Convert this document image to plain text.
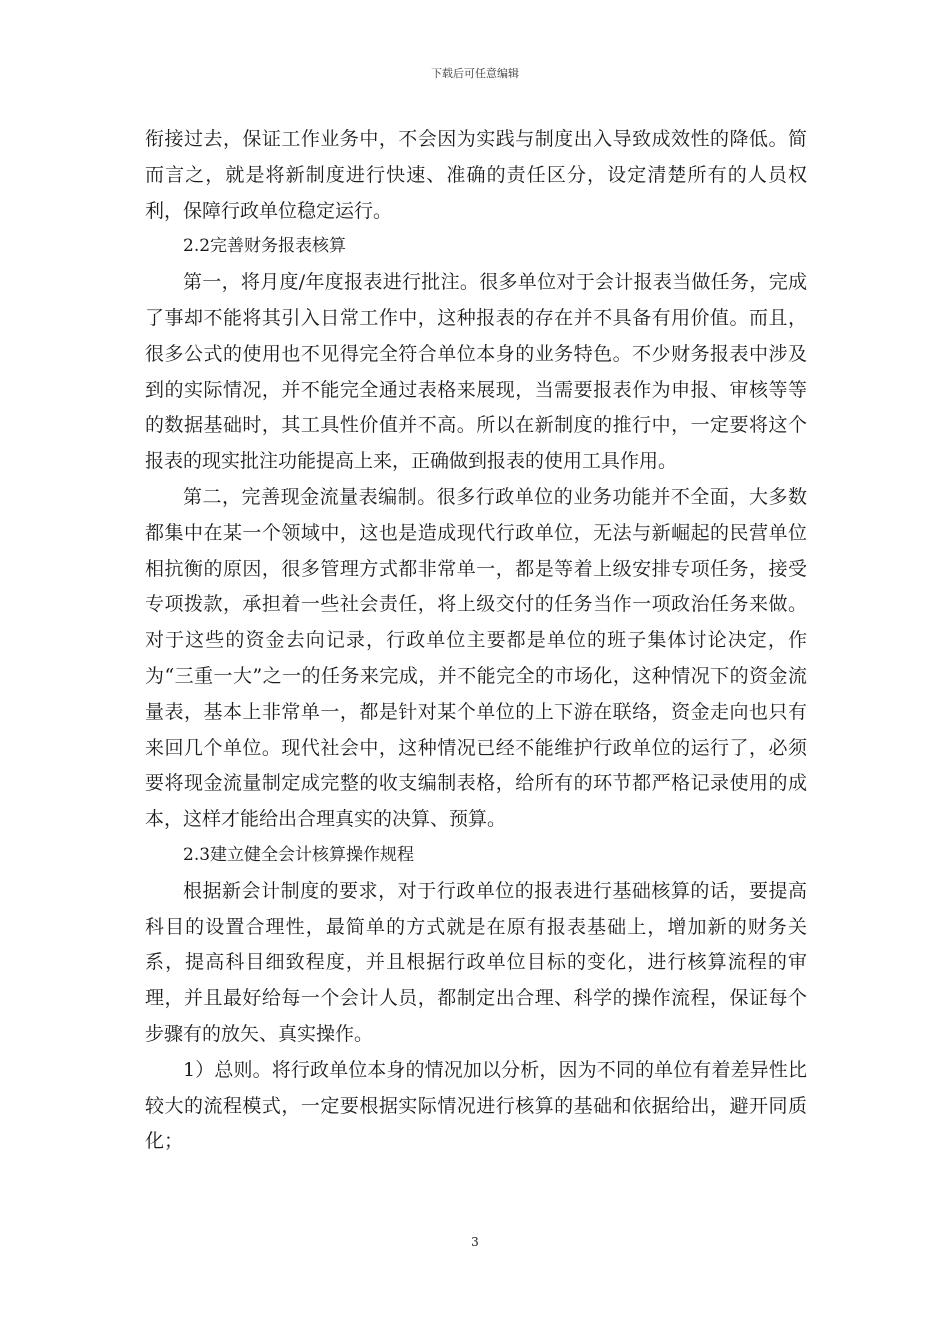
下载后可任意编辑

衔接过去，保证工作业务中，不会因为实践与制度出入导致成效性的降低。简而言之，就是将新制度进行快速、准确的责任区分，设定清楚所有的人员权利，保障行政单位稳定运行。

2.2完善财务报表核算

第一，将月度/年度报表进行批注。很多单位对于会计报表当做任务，完成了事却不能将其引入日常工作中，这种报表的存在并不具备有用价值。而且，很多公式的使用也不见得完全符合单位本身的业务特色。不少财务报表中涉及到的实际情况，并不能完全通过表格来展现，当需要报表作为申报、审核等等的数据基础时，其工具性价值并不高。所以在新制度的推行中，一定要将这个报表的现实批注功能提高上来，正确做到报表的使用工具作用。

第二，完善现金流量表编制。很多行政单位的业务功能并不全面，大多数都集中在某一个领域中，这也是造成现代行政单位，无法与新崛起的民营单位相抗衡的原因，很多管理方式都非常单一，都是等着上级安排专项任务，接受专项拨款，承担着一些社会责任，将上级交付的任务当作一项政治任务来做。对于这些的资金去向记录，行政单位主要都是单位的班子集体讨论决定，作为“三重一大”之一的任务来完成，并不能完全的市场化，这种情况下的资金流量表，基本上非常单一，都是针对某个单位的上下游在联络，资金走向也只有来回几个单位。现代社会中，这种情况已经不能维护行政单位的运行了，必须要将现金流量制定成完整的收支编制表格，给所有的环节都严格记录使用的成本，这样才能给出合理真实的决算、预算。

2.3建立健全会计核算操作规程

根据新会计制度的要求，对于行政单位的报表进行基础核算的话，要提高科目的设置合理性，最简单的方式就是在原有报表基础上，增加新的财务关系，提高科目细致程度，并且根据行政单位目标的变化，进行核算流程的审理，并且最好给每一个会计人员，都制定出合理、科学的操作流程，保证每个步骤有的放矢、真实操作。

1）总则。将行政单位本身的情况加以分析，因为不同的单位有着差异性比较大的流程模式，一定要根据实际情况进行核算的基础和依据给出，避开同质化；

3
